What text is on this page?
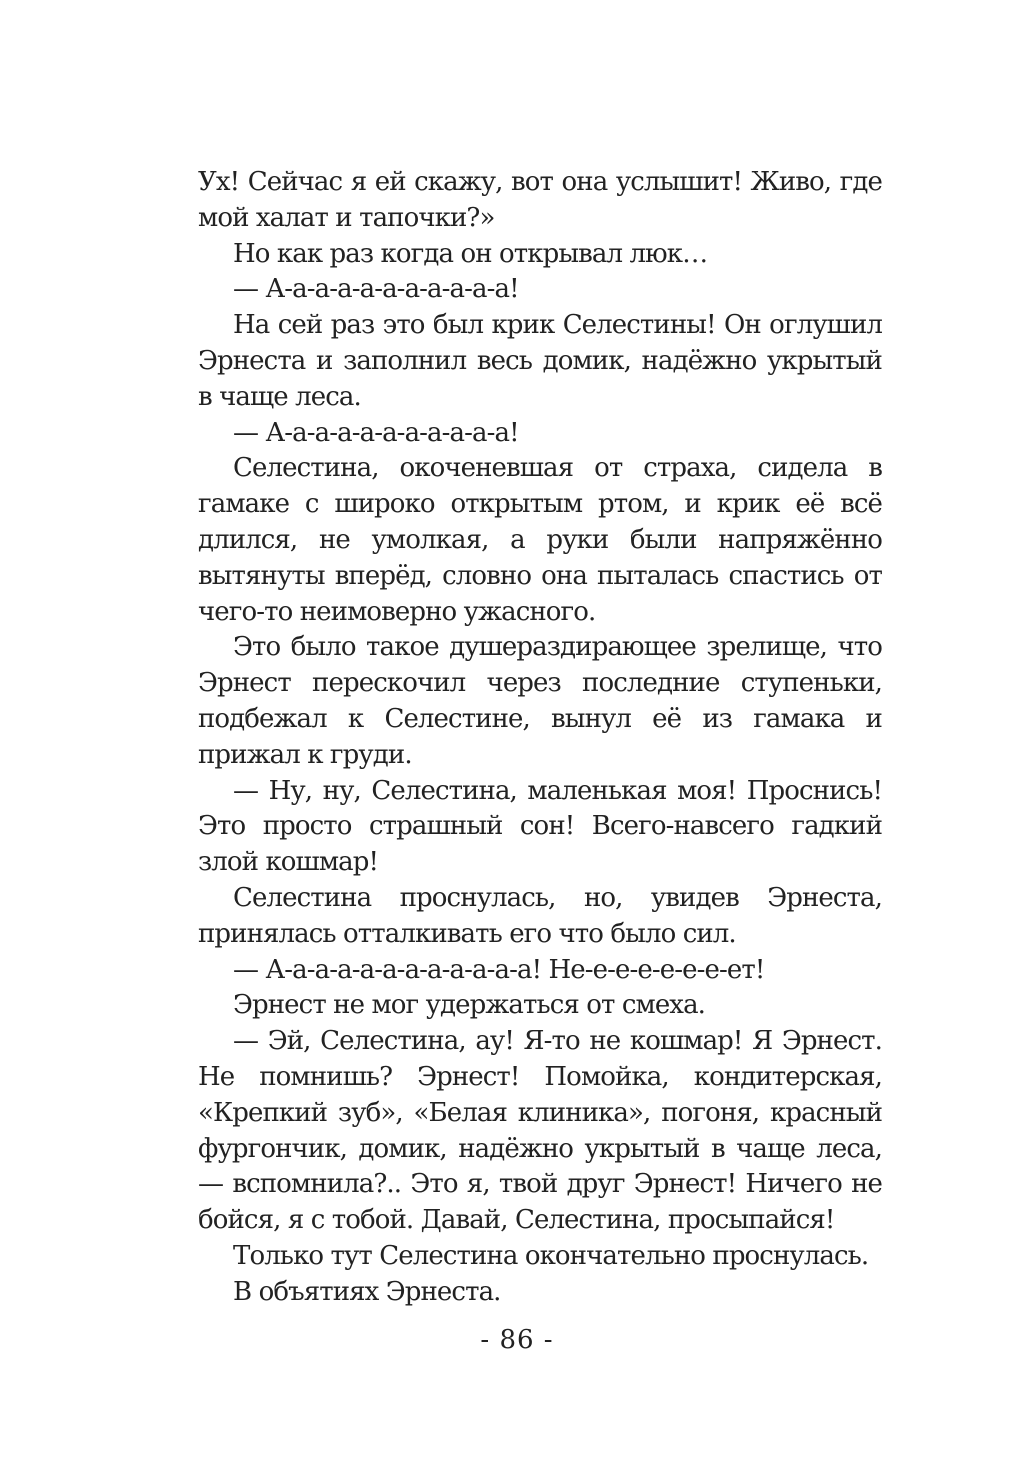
Ух! Сейчас я ей скажу, вот она услышит! Живо, где мой халат и тапочки?»

Но как раз когда он открывал люк…

— А-а-а-а-а-а-а-а-а-а-а!

На сей раз это был крик Селестины! Он оглушил Эрнеста и заполнил весь домик, надёжно укрытый в чаще леса.

— А-а-а-а-а-а-а-а-а-а-а!

Селестина, окоченевшая от страха, сидела в гамаке с широко открытым ртом, и крик её всё длился, не умолкая, а руки были напряжённо вытянуты вперёд, словно она пыталась спастись от чего-то неимоверно ужасного.

Это было такое душераздирающее зрелище, что Эрнест перескочил через последние ступеньки, подбежал к Селестине, вынул её из гамака и прижал к груди.

— Ну, ну, Селестина, маленькая моя! Проснись! Это просто страшный сон! Всего-навсего гадкий злой кошмар!

Селестина проснулась, но, увидев Эрнеста, принялась отталкивать его что было сил.

— А-а-а-а-а-а-а-а-а-а-а-а! Не-е-е-е-е-е-е-ет!

Эрнест не мог удержаться от смеха.

— Эй, Селестина, ау! Я-то не кошмар! Я Эрнест. Не помнишь? Эрнест! Помойка, кондитерская, «Крепкий зуб», «Белая клиника», погоня, красный фургончик, домик, надёжно укрытый в чаще леса, — вспомнила?.. Это я, твой друг Эрнест! Ничего не бойся, я с тобой. Давай, Селестина, просыпайся!

Только тут Селестина окончательно проснулась.

В объятиях Эрнеста.

- 86 -
